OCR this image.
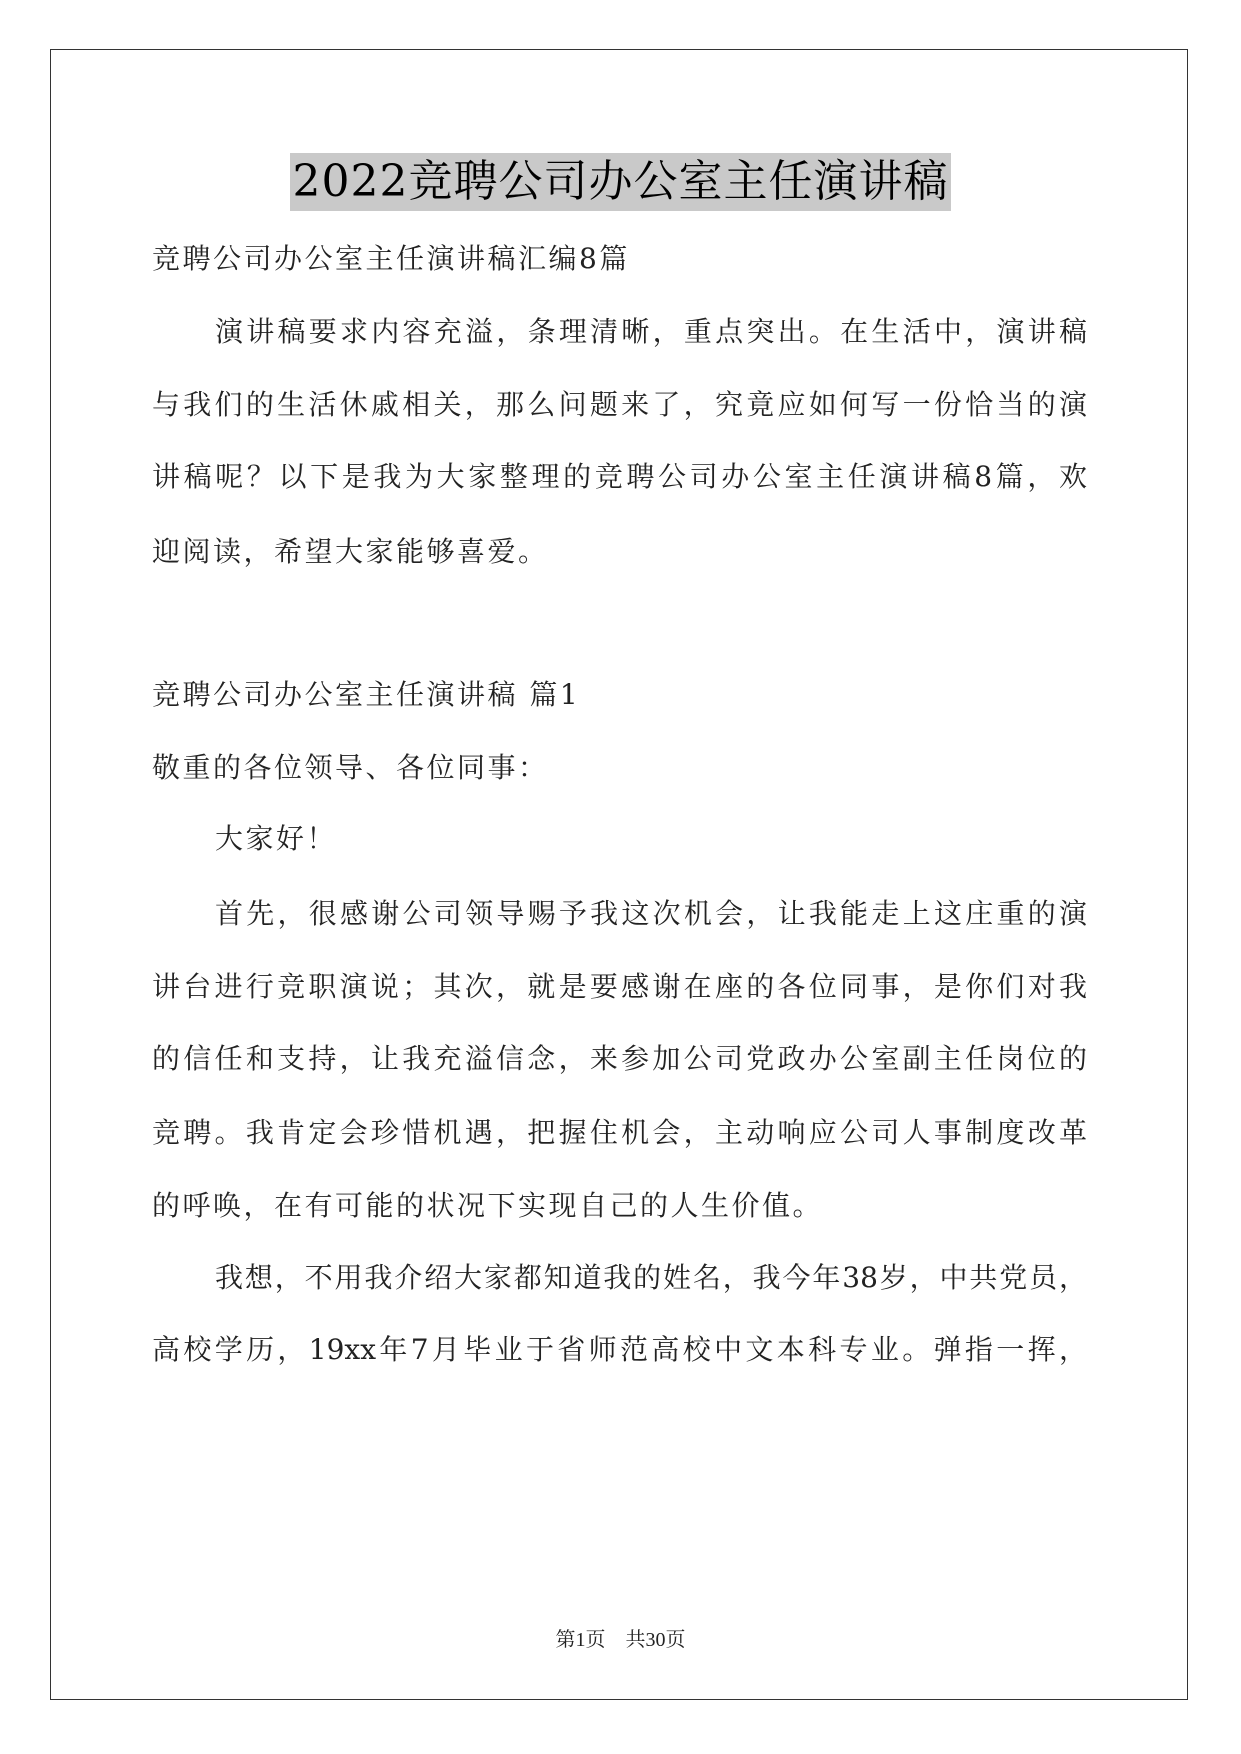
2022竞聘公司办公室主任演讲稿
竞聘公司办公室主任演讲稿汇编8篇
演讲稿要求内容充溢，条理清晰，重点突出。在生活中，演讲稿
与我们的生活休戚相关，那么问题来了，究竟应如何写一份恰当的演
讲稿呢？以下是我为大家整理的竞聘公司办公室主任演讲稿8篇，欢
迎阅读，希望大家能够喜爱。
竞聘公司办公室主任演讲稿 篇1
敬重的各位领导、各位同事：
大家好！
首先，很感谢公司领导赐予我这次机会，让我能走上这庄重的演
讲台进行竞职演说；其次，就是要感谢在座的各位同事，是你们对我
的信任和支持，让我充溢信念，来参加公司党政办公室副主任岗位的
竞聘。我肯定会珍惜机遇，把握住机会，主动响应公司人事制度改革
的呼唤，在有可能的状况下实现自己的人生价值。
我想，不用我介绍大家都知道我的姓名，我今年38岁，中共党员，
高校学历，19xx年7月毕业于省师范高校中文本科专业。弹指一挥，
第1页    共30页
